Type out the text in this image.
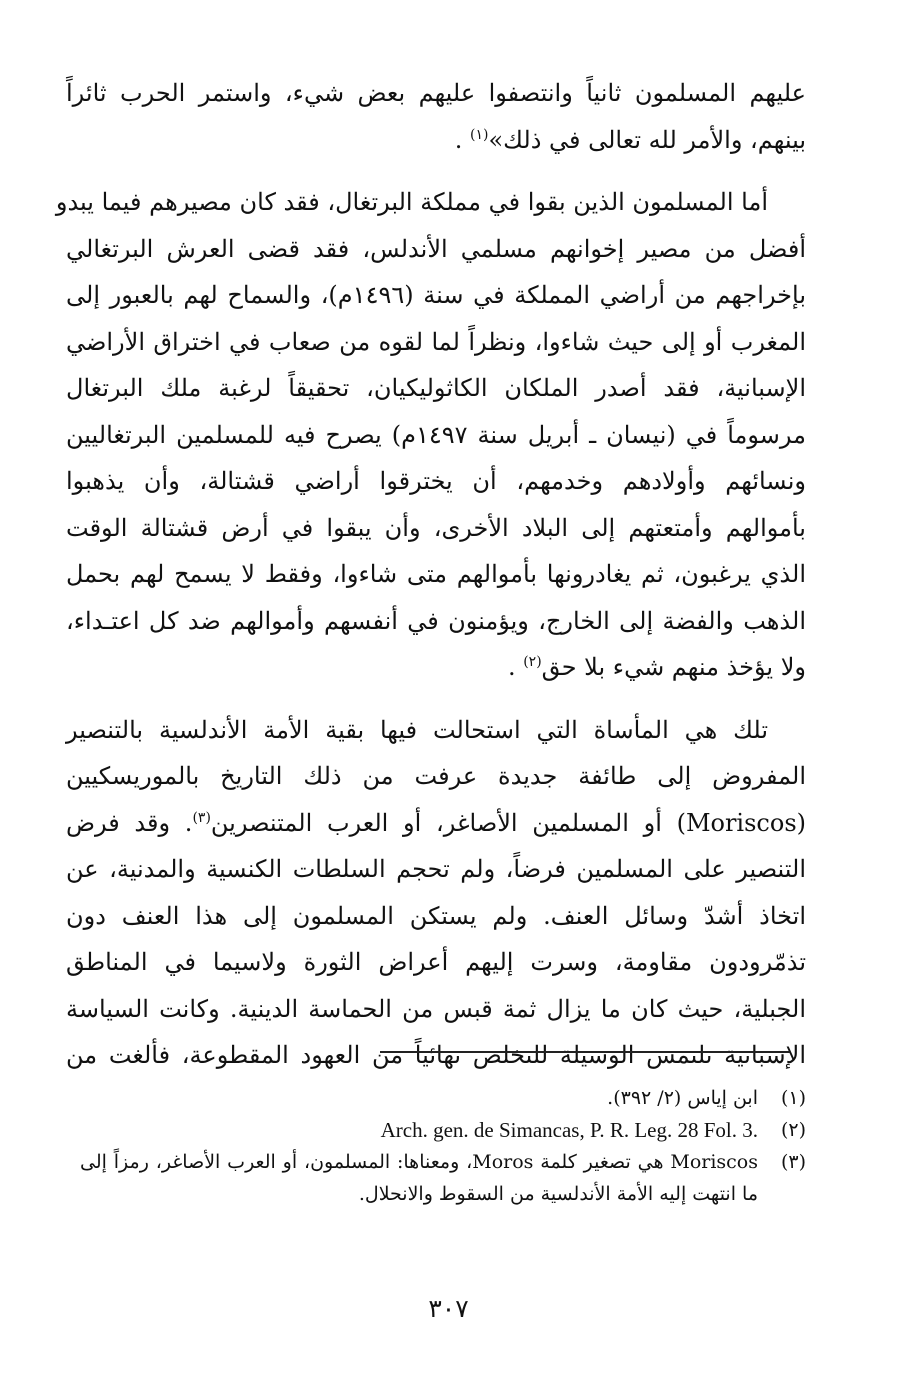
عليهم المسلمون ثانياً وانتصفوا عليهم بعض شيء، واستمر الحرب ثائراً
بينهم، والأمر لله تعالى في ذلك»$^{(١)}$ .

أما المسلمون الذين بقوا في مملكة البرتغال، فقد كان مصيرهم فيما يبدو
أفضل من مصير إخوانهم مسلمي الأندلس، فقد قضى العرش البرتغالي
بإخراجهم من أراضي المملكة في سنة (١٤٩٦م)، والسماح لهم بالعبور إلى
المغرب أو إلى حيث شاءوا، ونظراً لما لقوه من صعاب في اختراق الأراضي
الإسبانية، فقد أصدر الملكان الكاثوليكيان، تحقيقاً لرغبة ملك البرتغال
مرسوماً في (نيسان ـ أبريل سنة ١٤٩٧م) يصرح فيه للمسلمين البرتغاليين
ونسائهم وأولادهم وخدمهم، أن يخترقوا أراضي قشتالة، وأن يذهبوا
بأموالهم وأمتعتهم إلى البلاد الأخرى، وأن يبقوا في أرض قشتالة الوقت
الذي يرغبون، ثم يغادرونها بأموالهم متى شاءوا، وفقط لا يسمح لهم بحمل
الذهب والفضة إلى الخارج، ويؤمنون في أنفسهم وأموالهم ضد كل اعتـداء،
ولا يؤخذ منهم شيء بلا حق$^{(٢)}$ .

تلك هي المأساة التي استحالت فيها بقية الأمة الأندلسية بالتنصير
المفروض إلى طائفة جديدة عرفت من ذلك التاريخ بالموريسكيين
(Moriscos) أو المسلمين الأصاغر، أو العرب المتنصرين$^{(٣)}$. وقد فرض
التنصير على المسلمين فرضاً، ولم تحجم السلطات الكنسية والمدنية، عن
اتخاذ أشدّ وسائل العنف. ولم يستكن المسلمون إلى هذا العنف دون
تذمّرودون مقاومة، وسرت إليهم أعراض الثورة ولاسيما في المناطق
الجبلية، حيث كان ما يزال ثمة قبس من الحماسة الدينية. وكانت السياسة
الإسبانية تلتمس الوسيلة للتخلص نهائياً من العهود المقطوعة، فألغت من

(١)
ابن إياس (٢/ ٣٩٢).
(٢)
Arch. gen. de Simancas, P. R. Leg. 28 Fol. 3.
(٣)
Moriscos هي تصغير كلمة Moros، ومعناها: المسلمون، أو العرب الأصاغر، رمزاً إلى ما انتهت إليه الأمة الأندلسية من السقوط والانحلال.
٣٠٧
